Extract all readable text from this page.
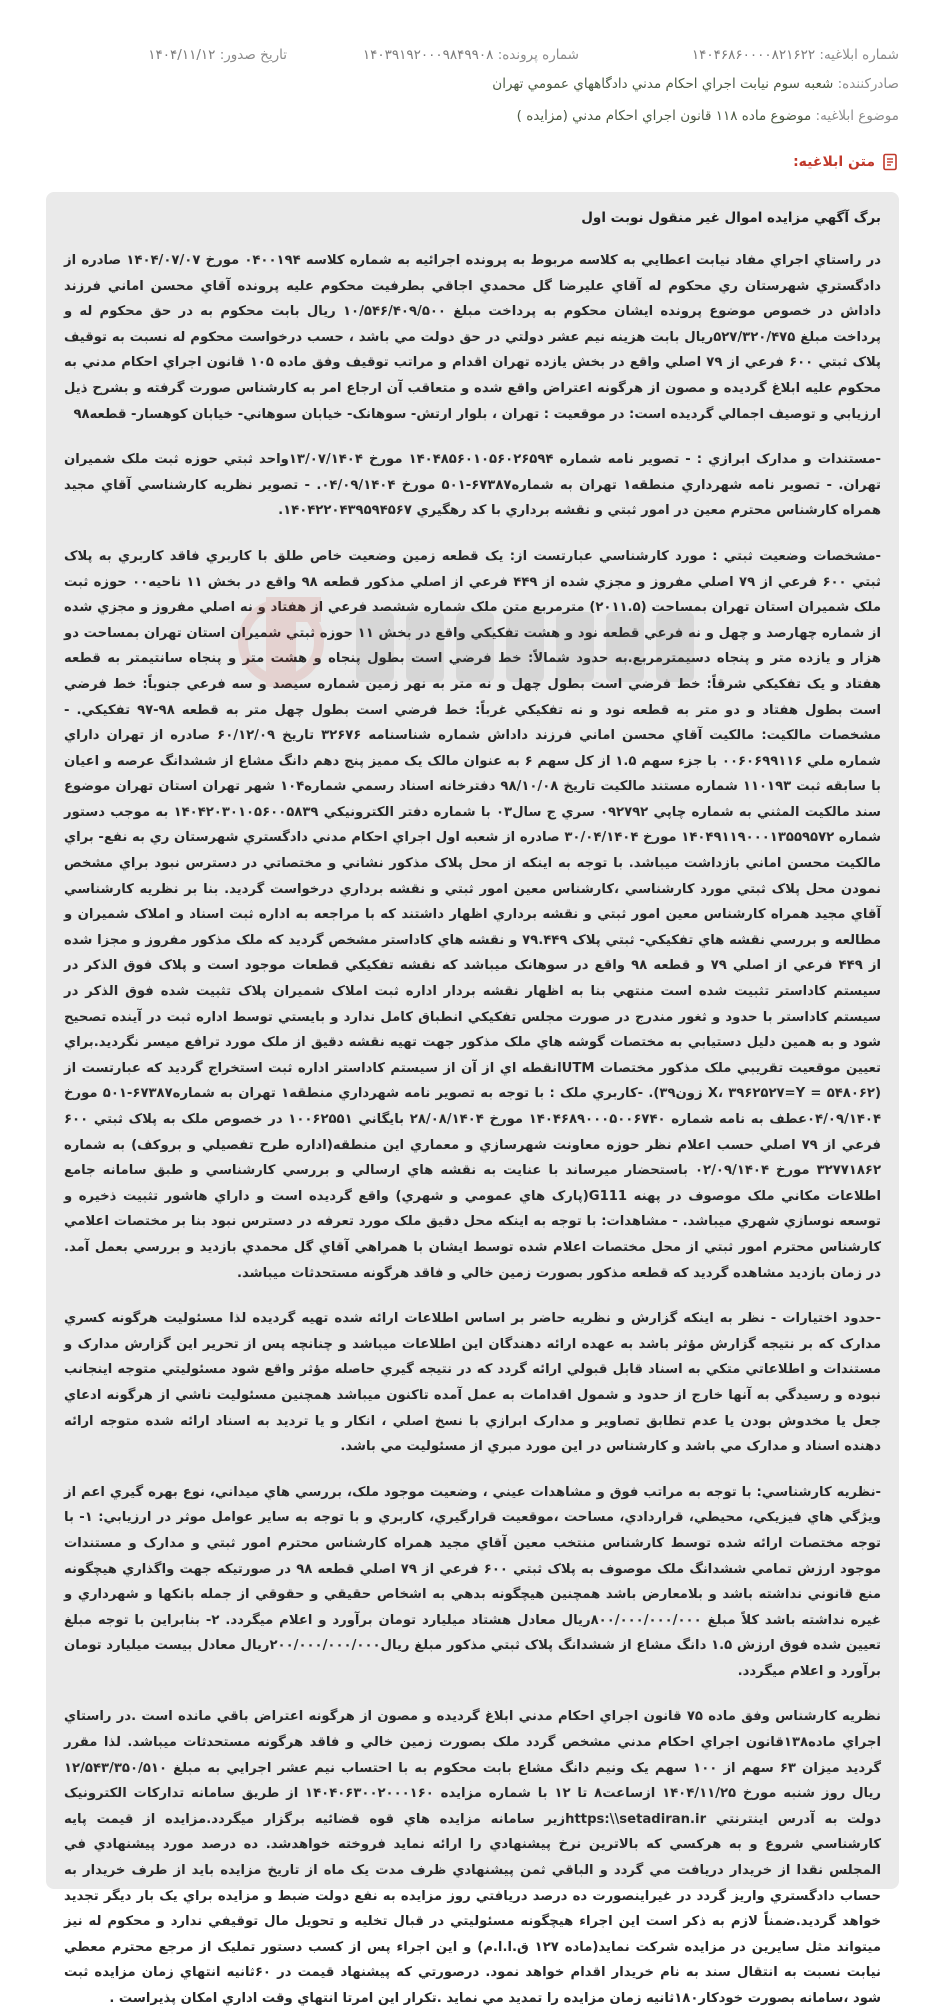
شماره ابلاغيه: ۱۴۰۴۶۸۶۰۰۰۰۸۲۱۶۲۲
شماره پرونده: ۱۴۰۳۹۱۹۲۰۰۰۹۸۴۹۹۰۸
تاريخ صدور: ۱۴۰۴/۱۱/۱۲
صادرکننده: شعبه سوم نيابت اجراي احکام مدني دادگاههاي عمومي تهران
موضوع ابلاغيه: موضوع ماده ۱۱۸ قانون اجراي احکام مدني (مزايده )
متن ابلاغيه:
برگ آگهي مزايده اموال غير منقول نوبت اول

در راستاي اجراي مفاد نيابت اعطايي به کلاسه مربوط به پرونده اجرائيه به شماره کلاسه ۰۴۰۰۱۹۴ مورخ ۱۴۰۴/۰۷/۰۷ صادره از دادگستري شهرستان ري محکوم له آقاي عليرضا گل محمدي اجاقي بطرفيت محکوم عليه پرونده آقاي محسن اماني فرزند داداش در خصوص موضوع پرونده ايشان محکوم به پرداخت مبلغ ۱۰/۵۴۶/۴۰۹/۵۰۰ ريال بابت محکوم به در حق محکوم له و پرداخت مبلغ ۵۲۷/۳۲۰/۴۷۵ريال بابت هزينه نيم عشر دولتي در حق دولت مي باشد ، حسب درخواست محکوم له نسبت به توقيف پلاک ثبتي ۶۰۰ فرعي از ۷۹ اصلي واقع در بخش يازده تهران اقدام و مراتب توقيف وفق ماده ۱۰۵ قانون اجراي احکام مدني به محکوم عليه ابلاغ گرديده و مصون از هرگونه اعتراض واقع شده و متعاقب آن ارجاع امر به کارشناس صورت گرفته و بشرح ذيل ارزيابي و توصيف اجمالي گرديده است: در موقعيت : تهران ، بلوار ارتش- سوهانک- خيابان سوهاني- خيابان کوهسار- قطعه۹۸

-مستندات و مدارک ابرازي : - تصوير نامه شماره ۱۴۰۴۸۵۶۰۱۰۵۶۰۲۶۵۹۴ مورخ ۱۳/۰۷/۱۴۰۴واحد ثبتي حوزه ثبت ملک شميران تهران. - تصوير نامه شهرداري منطقه۱ تهران به شماره۶۷۳۸۷-۵۰۱ مورخ ۰۴/۰۹/۱۴۰۴. - تصوير نظريه کارشناسي آقاي مجيد همراه کارشناس محترم معين در امور ثبتي و نقشه برداري با کد رهگيري ۱۴۰۴۲۲۰۴۳۹۵۹۴۵۶۷.

-مشخصات وضعيت ثبتي : مورد کارشناسي عبارتست از: يک قطعه زمين وضعيت خاص طلق با کاربري فاقد کاربري به پلاک ثبتي ۶۰۰ فرعي از ۷۹ اصلي مفروز و مجزي شده از ۴۴۹ فرعي از اصلي مذکور قطعه ۹۸ واقع در بخش ۱۱ ناحيه۰۰ حوزه ثبت ملک شميران استان تهران بمساحت (۲۰۱۱.۵) مترمربع متن ملک شماره ششصد فرعي از هفتاد و نه اصلي مفروز و مجزي شده از شماره چهارصد و چهل و نه فرعي قطعه نود و هشت تفکيکي واقع در بخش ۱۱ حوزه ثبتي شميران استان تهران بمساحت دو هزار و يازده متر و پنجاه دسيمترمربع.به حدود شمالاً: خط فرضي است بطول پنجاه و هشت متر و پنجاه سانتيمتر به قطعه هفتاد و يک تفکيکي شرقاً: خط فرضي است بطول چهل و نه متر به نهر زمين شماره سيصد و سه فرعي جنوباً: خط فرضي است بطول هفتاد و دو متر به قطعه نود و نه تفکيکي غرباً: خط فرضي است بطول چهل متر به قطعه ۹۸-۹۷ تفکيکي. - مشخصات مالکيت: مالکيت آقاي محسن اماني فرزند داداش شماره شناسنامه ۳۲۶۷۶ تاريخ ۶۰/۱۲/۰۹ صادره از تهران داراي شماره ملي ۰۰۶۰۶۹۹۱۱۶ با جزء سهم ۱.۵ از کل سهم ۶ به عنوان مالک يک ممیز پنج دهم دانگ مشاع از ششدانگ عرصه و اعيان با سابقه ثبت ۱۱۰۱۹۳ شماره مستند مالکيت تاريخ ۹۸/۱۰/۰۸ دفترخانه اسناد رسمي شماره۱۰۴ شهر تهران استان تهران موضوع سند مالکيت المثني به شماره چاپي ۰۹۲۷۹۲ سري ج سال۰۳ با شماره دفتر الکترونيکي ۱۴۰۴۲۰۳۰۱۰۵۶۰۰۵۸۳۹ به موجب دستور شماره ۱۴۰۴۹۱۱۹۰۰۰۱۳۵۵۹۵۷۲ مورخ ۳۰/۰۴/۱۴۰۴ صادره از شعبه اول اجراي احکام مدني دادگستري شهرستان ري به نفع- براي مالکيت محسن اماني بازداشت ميباشد. با توجه به اينکه از محل پلاک مذکور نشاني و مختصاتي در دسترس نبود براي مشخص نمودن محل پلاک ثبتي مورد کارشناسي ،کارشناس معين امور ثبتي و نقشه برداري درخواست گرديد. بنا بر نظريه کارشناسي آقاي مجيد همراه کارشناس معين امور ثبتي و نقشه برداري اظهار داشتند که با مراجعه به اداره ثبت اسناد و املاک شميران و مطالعه و بررسي نقشه هاي تفکيکي- ثبتي پلاک ۷۹.۴۴۹ و نقشه هاي کاداستر مشخص گرديد که ملک مذکور مفروز و مجزا شده از ۴۴۹ فرعي از اصلي ۷۹ و قطعه ۹۸ واقع در سوهانک ميباشد که نقشه تفکيکي قطعات موجود است و پلاک فوق الذکر در سيستم کاداستر تثبيت شده است منتهي بنا به اظهار نقشه بردار اداره ثبت املاک شميران پلاک تثبيت شده فوق الذکر در سيستم کاداستر با حدود و ثغور مندرج در صورت مجلس تفکيکي انطباق کامل ندارد و بايستي توسط اداره ثبت در آينده تصحيح شود و به همين دليل دستيابي به مختصات گوشه هاي ملک مذکور جهت تهيه نقشه دقيق از ملک مورد ترافع ميسر نگرديد.براي تعيين موقعيت تقريبي ملک مذکور مختصات UTMانقطه اي از آن از سيستم کاداستر اداره ثبت استخراج گرديد که عبارتست از (۵۴۸۰۶۲ = X، ۳۹۶۲۵۲۷=Y زون۳۹). -کاربري ملک : با توجه به تصوير نامه شهرداري منطقه۱ تهران به شماره۶۷۳۸۷-۵۰۱ مورخ ۰۴/۰۹/۱۴۰۴عطف به نامه شماره ۱۴۰۴۶۸۹۰۰۰۵۰۰۶۷۴۰ مورخ ۲۸/۰۸/۱۴۰۴ بايگاني ۱۰۰۶۲۵۵۱ در خصوص ملک به پلاک ثبتي ۶۰۰ فرعي از ۷۹ اصلي حسب اعلام نظر حوزه معاونت شهرسازي و معماري اين منطقه(اداره طرح تفصيلي و بروکف) به شماره ۳۲۷۷۱۸۶۲ مورخ ۰۲/۰۹/۱۴۰۴ باستحضار ميرساند با عنايت به نقشه هاي ارسالي و بررسي کارشناسي و طبق سامانه جامع اطلاعات مکاني ملک موصوف در پهنه G111(پارک هاي عمومي و شهري) واقع گرديده است و داراي هاشور تثبيت ذخيره و توسعه نوسازي شهري ميباشد. - مشاهدات: با توجه به اينکه محل دقيق ملک مورد تعرفه در دسترس نبود بنا بر مختصات اعلامي کارشناس محترم امور ثبتي از محل مختصات اعلام شده توسط ايشان با همراهي آقاي گل محمدي بازديد و بررسي بعمل آمد. در زمان بازديد مشاهده گرديد که قطعه مذکور بصورت زمين خالي و فاقد هرگونه مستحدثات ميباشد.

-حدود اختيارات - نظر به اينکه گزارش و نظريه حاضر بر اساس اطلاعات ارائه شده تهيه گرديده لذا مسئوليت هرگونه کسري مدارک که بر نتيجه گزارش مؤثر باشد به عهده ارائه دهندگان اين اطلاعات ميباشد و چنانچه پس از تحرير اين گزارش مدارک و مستندات و اطلاعاتي متکي به اسناد قابل قبولي ارائه گردد که در نتيجه گيري حاصله مؤثر واقع شود مسئوليتي متوجه اينجانب نبوده و رسيدگي به آنها خارج از حدود و شمول اقدامات به عمل آمده تاکنون ميباشد همچنين مسئوليت ناشي از هرگونه ادعاي جعل يا مخدوش بودن يا عدم تطابق تصاوير و مدارک ابرازي با نسخ اصلي ، انکار و يا ترديد به اسناد ارائه شده متوجه ارائه دهنده اسناد و مدارک مي باشد و کارشناس در اين مورد مبري از مسئوليت مي باشد.

-نظريه کارشناسي: با توجه به مراتب فوق و مشاهدات عيني ، وضعيت موجود ملک، بررسي هاي ميداني، نوع بهره گيري اعم از ويژگي هاي فيزيکي، محيطي، قراردادي، مساحت ،موقعيت قرارگيري، کاربري و با توجه به ساير عوامل موثر در ارزيابي: ۱- با توجه مختصات ارائه شده توسط کارشناس منتخب معين آقاي مجيد همراه کارشناس محترم امور ثبتي و مدارک و مستندات موجود ارزش تمامي ششدانگ ملک موصوف به پلاک ثبتي ۶۰۰ فرعي از ۷۹ اصلي قطعه ۹۸ در صورتيکه جهت واگذاري هيچگونه منع قانوني نداشته باشد و بلامعارض باشد همچنين هيچگونه بدهي به اشخاص حقيقي و حقوقي از جمله بانکها و شهرداري و غيره نداشته باشد کلاً مبلغ ۸۰۰/۰۰۰/۰۰۰/۰۰۰ريال معادل هشتاد ميليارد تومان برآورد و اعلام ميگردد. ۲- بنابراين با توجه مبلغ تعيين شده فوق ارزش ۱.۵ دانگ مشاع از ششدانگ پلاک ثبتي مذکور مبلغ ريال۲۰۰/۰۰۰/۰۰۰/۰۰۰ريال معادل بيست ميليارد تومان برآورد و اعلام ميگردد.

نظريه کارشناس وفق ماده ۷۵ قانون اجراي احکام مدني ابلاغ گرديده و مصون از هرگونه اعتراض باقي مانده است .در راستاي اجراي ماده۱۳۸قانون اجراي احکام مدني مشخص گردد ملک بصورت زمين خالي و فاقد هرگونه مستحدثات ميباشد. لذا مقرر گرديد ميزان ۶۳ سهم از ۱۰۰ سهم يک ونيم دانگ مشاع بابت محکوم به با احتساب نيم عشر اجرايي به مبلغ ۱۲/۵۴۳/۳۵۰/۵۱۰ ريال روز شنبه مورخ ۱۴۰۴/۱۱/۲۵ ازساعت۸ تا ۱۲ با شماره مزايده ۱۴۰۴۰۶۳۰۰۲۰۰۰۱۶۰ از طريق سامانه تدارکات الکترونيک دولت به آدرس اينترنتي https:\\setadiran.irزير سامانه مزايده هاي قوه قضائيه برگزار ميگردد.مزايده از قيمت پايه کارشناسي شروع و به هرکسي که بالاترين نرخ پيشنهادي را ارائه نمايد فروخته خواهدشد. ده درصد مورد پيشنهادي في المجلس نقدا از خريدار دريافت مي گردد و الباقي ثمن پيشنهادي ظرف مدت يک ماه از تاريخ مزايده بايد از طرف خريدار به حساب دادگستري واريز گردد در غيراينصورت ده درصد دريافتي روز مزايده به نفع دولت ضبط و مزايده براي يک بار ديگر تجديد خواهد گرديد.ضمناً لازم به ذکر است اين اجراء هيچگونه مسئوليتي در قبال تخليه و تحويل مال توقيفي ندارد و محکوم له نيز ميتواند مثل سايرين در مزايده شرکت نمايد(ماده ۱۲۷ ق.ا.ا.م) و اين اجراء پس از کسب دستور تمليک از مرجع محترم معطي نيابت نسبت به انتقال سند به نام خريدار اقدام خواهد نمود. درصورتي که پيشنهاد قيمت در ۶۰ثانيه انتهاي زمان مزايده ثبت شود ،سامانه بصورت خودکار۱۸۰ثانيه زمان مزايده را تمديد مي نمايد .تکرار اين امرتا انتهاي وقت اداري امکان پذيراست .
